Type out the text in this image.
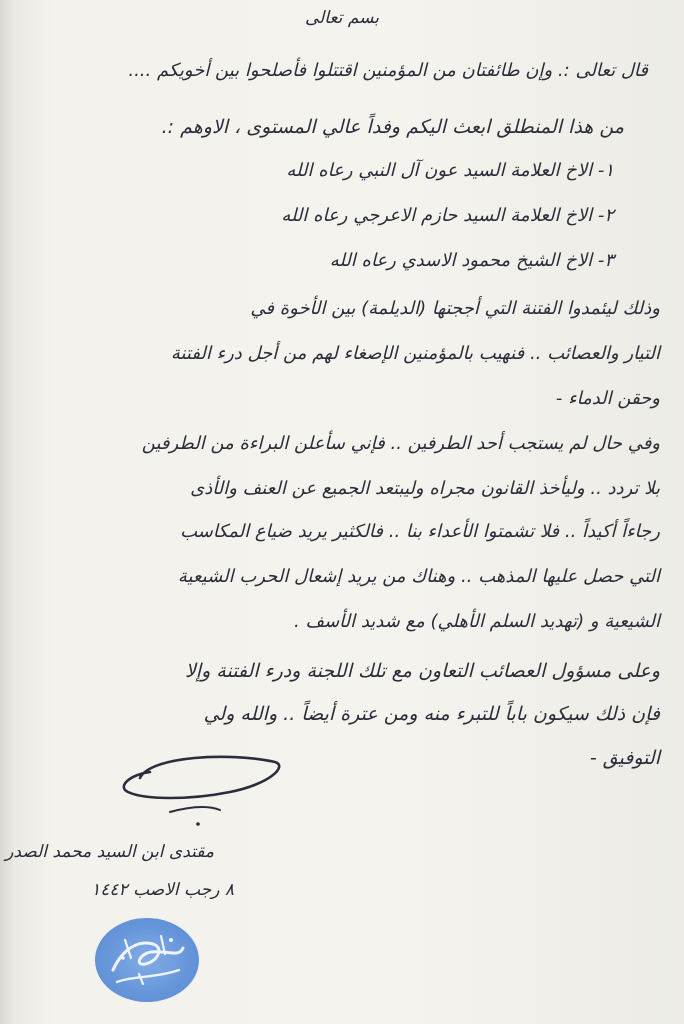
بسم تعالى
قال تعالى :. وإن طائفتان من المؤمنين اقتتلوا فأصلحوا بين أخويكم ....
من هذا المنطلق ابعث اليكم وفداً عالي المستوى ، الاوهم :.
١- الاخ العلامة السيد عون آل النبي رعاه الله
٢- الاخ العلامة السيد حازم الاعرجي رعاه الله
٣- الاخ الشيخ محمود الاسدي رعاه الله
وذلك ليئمدوا الفتنة التي أججتها (الديلمة) بين الأخوة في
التيار والعصائب .. فنهيب بالمؤمنين الإصغاء لهم من أجل درء الفتنة
وحقن الدماء -
وفي حال لم يستجب أحد الطرفين .. فإني سأعلن البراءة من الطرفين
بلا تردد .. وليأخذ القانون مجراه وليبتعد الجميع عن العنف والأذى
رجاءاً أكيداً .. فلا تشمتوا الأعداء بنا .. فالكثير يريد ضياع المكاسب
التي حصل عليها المذهب .. وهناك من يريد إشعال الحرب الشيعية
الشيعية و (تهديد السلم الأهلي) مع شديد الأسف .
وعلى مسؤول العصائب التعاون مع تلك اللجنة ودرء الفتنة وإلا
فإن ذلك سيكون باباً للتبرء منه ومن عترة أيضاً .. والله ولي
التوفيق -
مقتدى ابن السيد محمد الصدر
٨ رجب الاصب ١٤٤٢
